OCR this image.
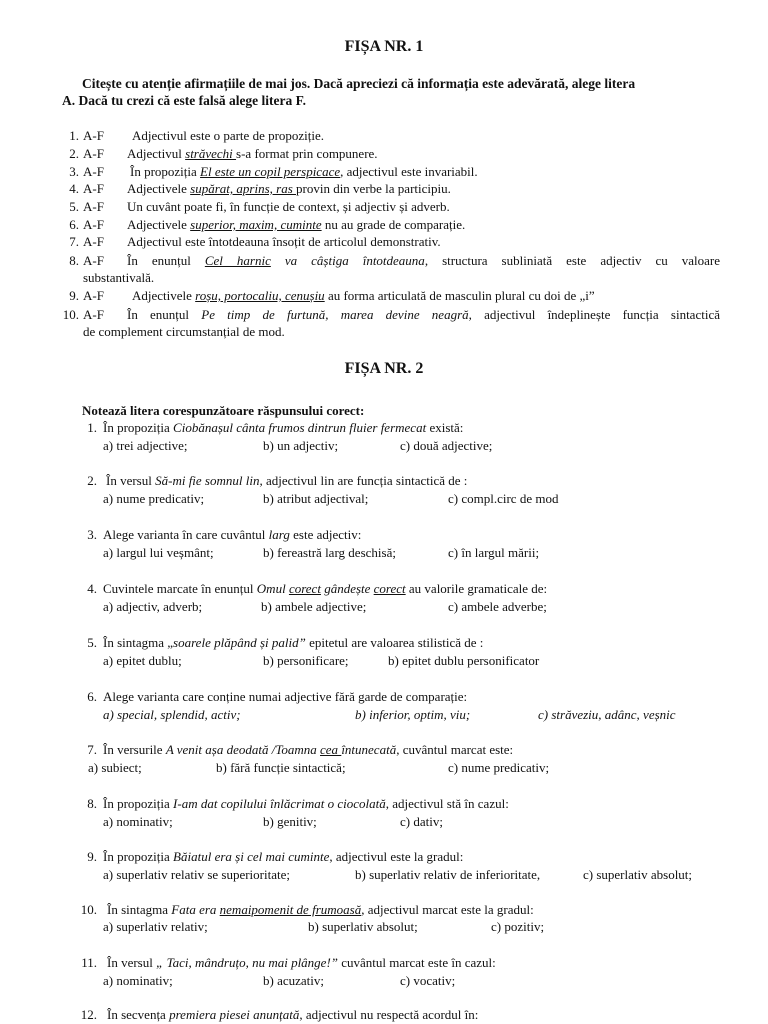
FIȘA NR. 1
Citește cu atenție afirmațiile de mai jos. Dacă apreciezi că informația este adevărată, alege litera
A. Dacă tu crezi că este falsă alege litera F.
1. A-F Adjectivul este o parte de propoziție.
2. A-F Adjectivul străvechi s-a format prin compunere.
3. A-F În propoziția El este un copil perspicace, adjectivul este invariabil.
4. A-F Adjectivele supărat, aprins, ras provin din verbe la participiu.
5. A-F Un cuvânt poate fi, în funcție de context, și adjectiv și adverb.
6. A-F Adjectivele superior, maxim, cuminte nu au grade de comparație.
7. A-F Adjectivul este întotdeauna însoțit de articolul demonstrativ.
8. A-F În enunțul Cel harnic va câștiga întotdeauna, structura subliniată este adjectiv cu valoare
substantivală.
9. A-F Adjectivele roșu, portocaliu, cenușiu au forma articulată de masculin plural cu doi de „i”
10. A-F În enunțul Pe timp de furtună, marea devine neagră, adjectivul îndeplinește funcția sintactică
de complement circumstanțial de mod.
FIȘA NR. 2
Notează litera corespunzătoare răspunsului corect:
1. În propoziția Ciobănașul cânta frumos dintrun fluier fermecat există:
a) trei adjective;	b) un adjectiv;	c) două adjective;
2. În versul Să-mi fie somnul lin, adjectivul lin are funcția sintactică de :
a) nume predicativ;	b) atribut adjectival;	c) compl.circ de mod
3. Alege varianta în care cuvântul larg este adjectiv:
a) largul lui veșmânt;	b) fereastră larg deschisă;	c) în largul mării;
4. Cuvintele marcate în enunțul Omul corect gândește corect au valorile gramaticale de:
a) adjectiv, adverb;	b) ambele adjective;	c) ambele adverbe;
5. În sintagma „soarele plăpând și palid” epitetul are valoarea stilistică de :
a) epitet dublu;	b) personificare;	b) epitet dublu personificator
6. Alege varianta care conține numai adjective fără garde de comparație:
a) special, splendid, activ;	b) inferior, optim, viu;	c) străveziu, adânc, veșnic
7. În versurile A venit așa deodată /Toamna cea întunecată, cuvântul marcat este:
a) subiect;	b) fără funcție sintactică;	c) nume predicativ;
8. În propoziția I-am dat copilului înlăcrimat o ciocolată, adjectivul stă în cazul:
a) nominativ;	b) genitiv;	c) dativ;
9. În propoziția Băiatul era și cel mai cuminte, adjectivul este la gradul:
a) superlativ relativ se superioritate;	b) superlativ relativ de inferioritate,	c) superlativ absolut;
10. În sintagma Fata era nemaipomenit de frumoasă, adjectivul marcat este la gradul:
a) superlativ relativ;	b) superlativ absolut;	c) pozitiv;
11. În versul „ Taci, mândruțo, nu mai plânge!” cuvântul marcat este în cazul:
a) nominativ;	b) acuzativ;	c) vocativ;
12. În secvența premiera piesei anunțată, adjectivul nu respectă acordul în:
